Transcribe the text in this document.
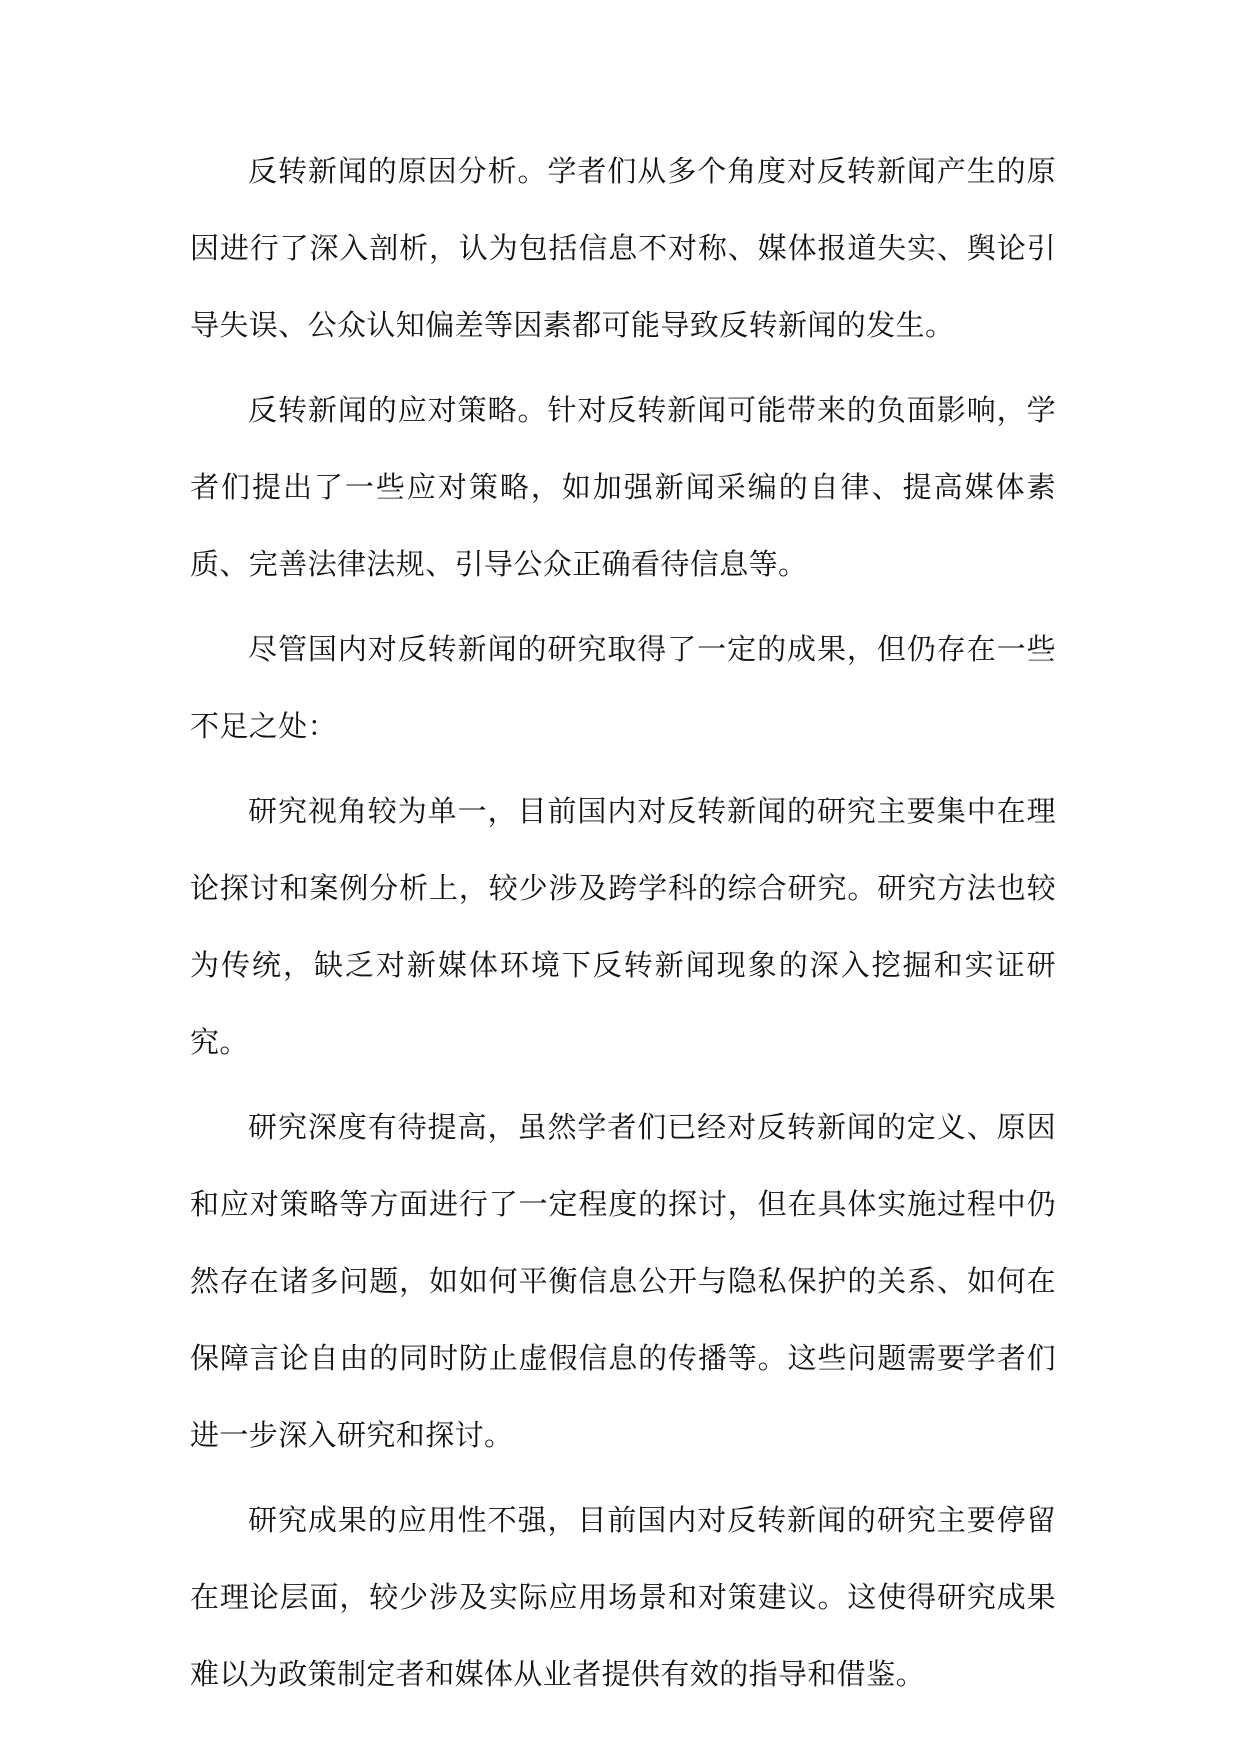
反转新闻的原因分析。学者们从多个角度对反转新闻产生的原因进行了深入剖析，认为包括信息不对称、媒体报道失实、舆论引导失误、公众认知偏差等因素都可能导致反转新闻的发生。

反转新闻的应对策略。针对反转新闻可能带来的负面影响，学者们提出了一些应对策略，如加强新闻采编的自律、提高媒体素质、完善法律法规、引导公众正确看待信息等。

尽管国内对反转新闻的研究取得了一定的成果，但仍存在一些不足之处：

研究视角较为单一，目前国内对反转新闻的研究主要集中在理论探讨和案例分析上，较少涉及跨学科的综合研究。研究方法也较为传统，缺乏对新媒体环境下反转新闻现象的深入挖掘和实证研究。

研究深度有待提高，虽然学者们已经对反转新闻的定义、原因和应对策略等方面进行了一定程度的探讨，但在具体实施过程中仍然存在诸多问题，如如何平衡信息公开与隐私保护的关系、如何在保障言论自由的同时防止虚假信息的传播等。这些问题需要学者们进一步深入研究和探讨。

研究成果的应用性不强，目前国内对反转新闻的研究主要停留在理论层面，较少涉及实际应用场景和对策建议。这使得研究成果难以为政策制定者和媒体从业者提供有效的指导和借鉴。
